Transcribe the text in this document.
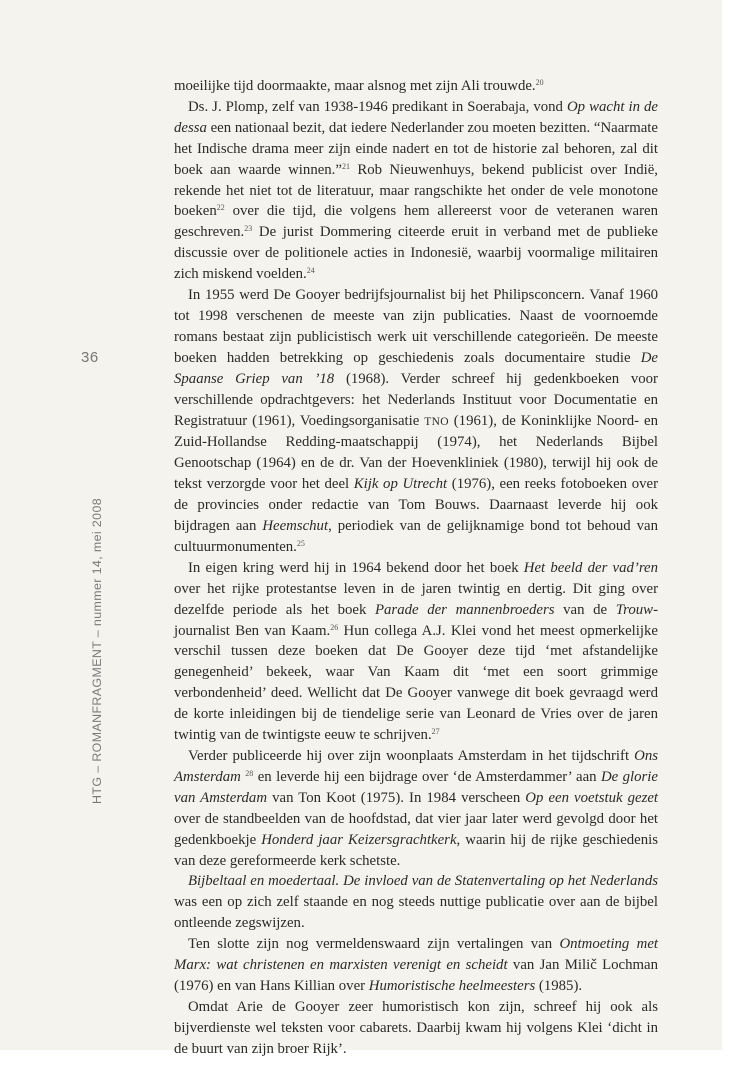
36
HTG – ROMANFRAGMENT – nummer 14, mei 2008

moeilijke tijd doormaakte, maar alsnog met zijn Ali trouwde.$^{20}$

Ds. J. Plomp, zelf van 1938-1946 predikant in Soerabaja, vond Op wacht in de dessa een nationaal bezit, dat iedere Nederlander zou moeten bezitten. “Naarmate het Indische drama meer zijn einde nadert en tot de historie zal behoren, zal dit boek aan waarde winnen.”$^{21}$ Rob Nieuwenhuys, bekend publicist over Indië, rekende het niet tot de literatuur, maar rangschikte het onder de vele monotone boeken$^{22}$ over die tijd, die volgens hem allereerst voor de veteranen waren geschreven.$^{23}$ De jurist Dommering citeerde eruit in verband met de publieke discussie over de politionele acties in Indonesië, waarbij voormalige militairen zich miskend voelden.$^{24}$

In 1955 werd De Gooyer bedrijfsjournalist bij het Philipsconcern. Vanaf 1960 tot 1998 verschenen de meeste van zijn publicaties. Naast de voornoemde romans bestaat zijn publicistisch werk uit verschillende categorieën. De meeste boeken hadden betrekking op geschiedenis zoals documentaire studie De Spaanse Griep van ’18 (1968). Verder schreef hij gedenkboeken voor verschillende opdrachtgevers: het Nederlands Instituut voor Documentatie en Registratuur (1961), Voedingsorganisatie TNO (1961), de Koninklijke Noord- en Zuid-Hollandse Redding-maatschappij (1974), het Nederlands Bijbel Genootschap (1964) en de dr. Van der Hoevenkliniek (1980), terwijl hij ook de tekst verzorgde voor het deel Kijk op Utrecht (1976), een reeks fotoboeken over de provincies onder redactie van Tom Bouws. Daarnaast leverde hij ook bijdragen aan Heemschut, periodiek van de gelijknamige bond tot behoud van cultuurmonumenten.$^{25}$

In eigen kring werd hij in 1964 bekend door het boek Het beeld der vad’ren over het rijke protestantse leven in de jaren twintig en dertig. Dit ging over dezelfde periode als het boek Parade der mannenbroeders van de Trouw-journalist Ben van Kaam.$^{26}$ Hun collega A.J. Klei vond het meest opmerkelijke verschil tussen deze boeken dat De Gooyer deze tijd ‘met afstandelijke genegenheid’ bekeek, waar Van Kaam dit ‘met een soort grimmige verbondenheid’ deed. Wellicht dat De Gooyer vanwege dit boek gevraagd werd de korte inleidingen bij de tiendelige serie van Leonard de Vries over de jaren twintig van de twintigste eeuw te schrijven.$^{27}$

Verder publiceerde hij over zijn woonplaats Amsterdam in het tijdschrift Ons Amsterdam $^{28}$ en leverde hij een bijdrage over ‘de Amsterdammer’ aan De glorie van Amsterdam van Ton Koot (1975). In 1984 verscheen Op een voetstuk gezet over de standbeelden van de hoofdstad, dat vier jaar later werd gevolgd door het gedenkboekje Honderd jaar Keizersgrachtkerk, waarin hij de rijke geschiedenis van deze gereformeerde kerk schetste.

Bijbeltaal en moedertaal. De invloed van de Statenvertaling op het Nederlands was een op zich zelf staande en nog steeds nuttige publicatie over aan de bijbel ontleende zegswijzen.

Ten slotte zijn nog vermeldenswaard zijn vertalingen van Ontmoeting met Marx: wat christenen en marxisten verenigt en scheidt van Jan Milič Lochman (1976) en van Hans Killian over Humoristische heelmeesters (1985).

Omdat Arie de Gooyer zeer humoristisch kon zijn, schreef hij ook als bijverdienste wel teksten voor cabarets. Daarbij kwam hij volgens Klei ‘dicht in de buurt van zijn broer Rijk’.
